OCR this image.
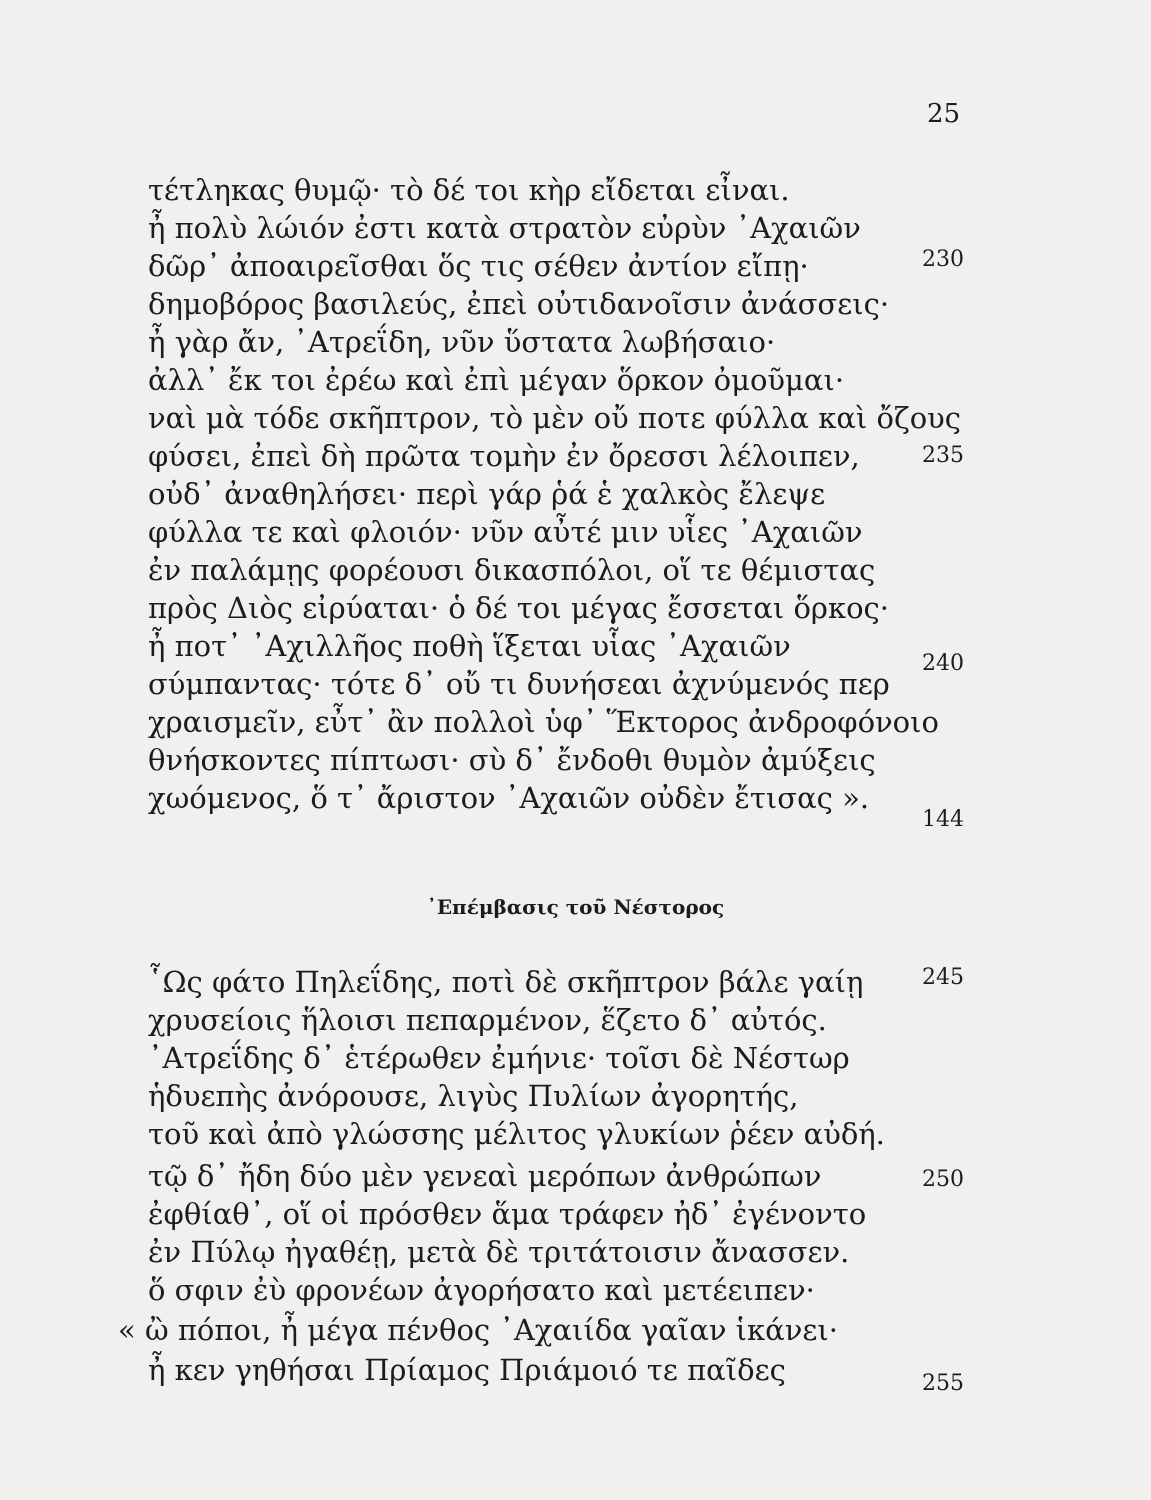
25
τέτληκας θυμῷ· τὸ δέ τοι κὴρ εἴδεται εἶναι.
ἦ πολὺ λώιόν ἐστι κατὰ στρατὸν εὐρὺν ᾿Αχαιῶν
δῶρ᾿ ἀποαιρεῖσθαι ὅς τις σέθεν ἀντίον εἴπῃ·
δημοβόρος βασιλεύς, ἐπεὶ οὐτιδανοῖσιν ἀνάσσεις·
ἦ γὰρ ἄν, ᾿Ατρεΐδη, νῦν ὕστατα λωβήσαιο·
ἀλλ᾿ ἔκ τοι ἐρέω καὶ ἐπὶ μέγαν ὅρκον ὀμοῦμαι·
ναὶ μὰ τόδε σκῆπτρον, τὸ μὲν οὔ ποτε φύλλα καὶ ὄζους
φύσει, ἐπεὶ δὴ πρῶτα τομὴν ἐν ὄρεσσι λέλοιπεν,
οὐδ᾿ ἀναθηλήσει· περὶ γάρ ῥά ἑ χαλκὸς ἔλεψε
φύλλα τε καὶ φλοιόν· νῦν αὖτέ μιν υἷες ᾿Αχαιῶν
ἐν παλάμῃς φορέουσι δικασπόλοι, οἵ τε θέμιστας
πρὸς Διὸς εἰρύαται· ὁ δέ τοι μέγας ἔσσεται ὅρκος·
ἦ ποτ᾿ ᾿Αχιλλῆος ποθὴ ἵξεται υἷας ᾿Αχαιῶν
σύμπαντας· τότε δ᾿ οὔ τι δυνήσεαι ἀχνύμενός περ
χραισμεῖν, εὖτ᾿ ἂν πολλοὶ ὑφ᾿ Ἕκτορος ἀνδροφόνοιο
θνήσκοντες πίπτωσι· σὺ δ᾿ ἔνδοθι θυμὸν ἀμύξεις
χωόμενος, ὅ τ᾿ ἄριστον ᾿Αχαιῶν οὐδὲν ἔτισας ».
230
235
240
144
᾿Επέμβασις τοῦ Νέστορος
῟Ως φάτο Πηλεΐδης, ποτὶ δὲ σκῆπτρον βάλε γαίῃ
χρυσείοις ἥλοισι πεπαρμένον, ἕζετο δ᾿ αὐτός.
᾿Ατρεΐδης δ᾿ ἑτέρωθεν ἐμήνιε· τοῖσι δὲ Νέστωρ
ἡδυεπὴς ἀνόρουσε, λιγὺς Πυλίων ἀγορητής,
τοῦ καὶ ἀπὸ γλώσσης μέλιτος γλυκίων ῥέεν αὐδή.
τῷ δ᾿ ἤδη δύο μὲν γενεαὶ μερόπων ἀνθρώπων
ἐφθίαθ᾿, οἵ οἱ πρόσθεν ἅμα τράφεν ἠδ᾿ ἐγένοντο
ἐν Πύλῳ ἠγαθέῃ, μετὰ δὲ τριτάτοισιν ἄνασσεν.
ὅ σφιν ἐὺ φρονέων ἀγορήσατο καὶ μετέειπεν·
« ὢ πόποι, ἦ μέγα πένθος ᾿Αχαιίδα γαῖαν ἱκάνει·
ἦ κεν γηθήσαι Πρίαμος Πριάμοιό τε παῖδες
245
250
255
